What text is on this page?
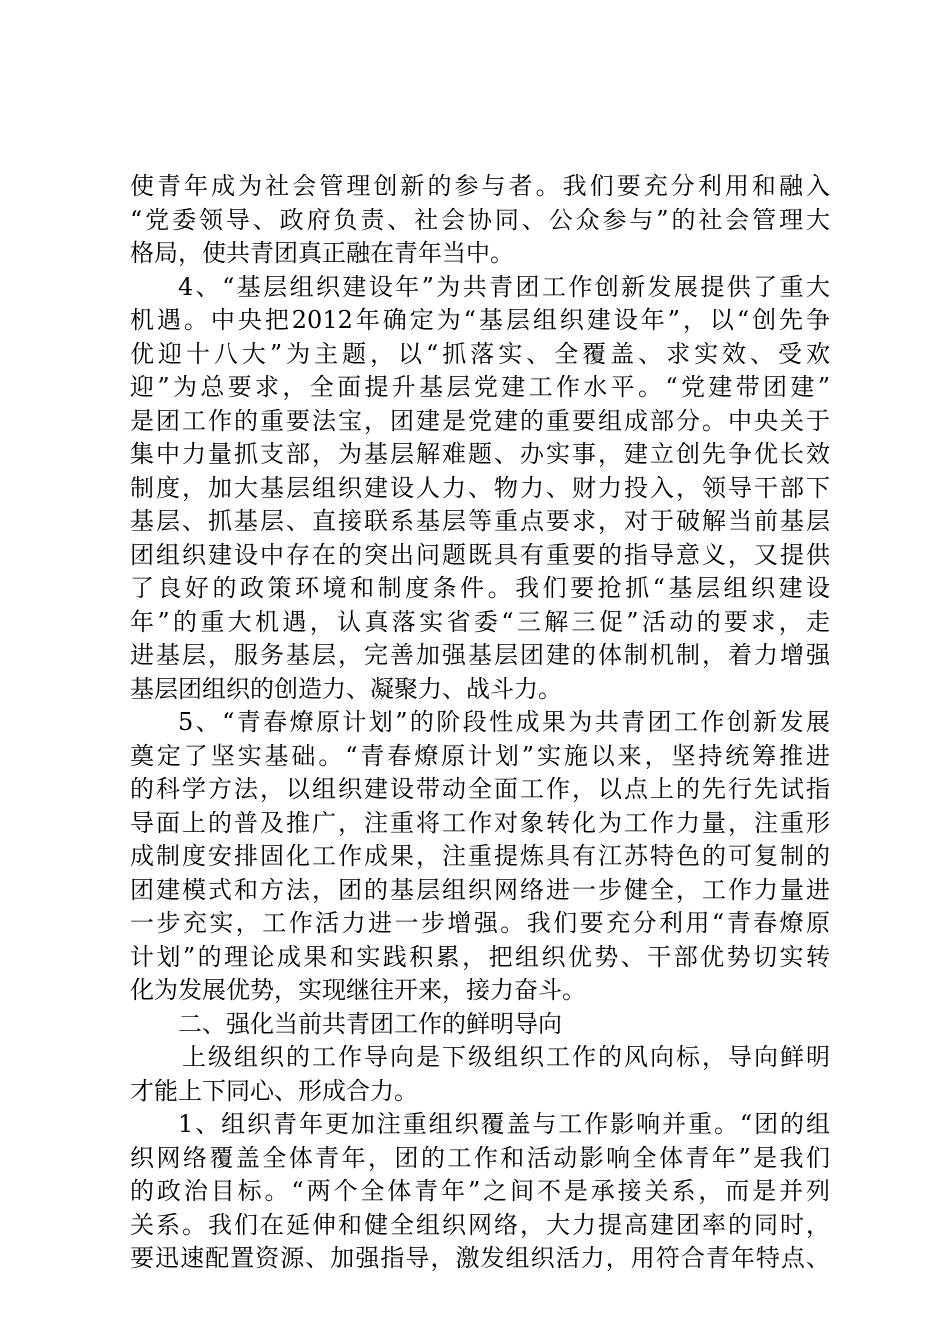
使青年成为社会管理创新的参与者。我们要充分利用和融入
“党委领导、政府负责、社会协同、公众参与”的社会管理大
格局，使共青团真正融在青年当中。
4、“基层组织建设年”为共青团工作创新发展提供了重大
机遇。中央把2012年确定为“基层组织建设年”，以“创先争
优迎十八大”为主题，以“抓落实、全覆盖、求实效、受欢
迎”为总要求，全面提升基层党建工作水平。“党建带团建”
是团工作的重要法宝，团建是党建的重要组成部分。中央关于
集中力量抓支部，为基层解难题、办实事，建立创先争优长效
制度，加大基层组织建设人力、物力、财力投入，领导干部下
基层、抓基层、直接联系基层等重点要求，对于破解当前基层
团组织建设中存在的突出问题既具有重要的指导意义，又提供
了良好的政策环境和制度条件。我们要抢抓“基层组织建设
年”的重大机遇，认真落实省委“三解三促”活动的要求，走
进基层，服务基层，完善加强基层团建的体制机制，着力增强
基层团组织的创造力、凝聚力、战斗力。
5、“青春燎原计划”的阶段性成果为共青团工作创新发展
奠定了坚实基础。“青春燎原计划”实施以来，坚持统筹推进
的科学方法，以组织建设带动全面工作，以点上的先行先试指
导面上的普及推广，注重将工作对象转化为工作力量，注重形
成制度安排固化工作成果，注重提炼具有江苏特色的可复制的
团建模式和方法，团的基层组织网络进一步健全，工作力量进
一步充实，工作活力进一步增强。我们要充分利用“青春燎原
计划”的理论成果和实践积累，把组织优势、干部优势切实转
化为发展优势，实现继往开来，接力奋斗。
二、强化当前共青团工作的鲜明导向
上级组织的工作导向是下级组织工作的风向标，导向鲜明
才能上下同心、形成合力。
1、组织青年更加注重组织覆盖与工作影响并重。“团的组
织网络覆盖全体青年，团的工作和活动影响全体青年”是我们
的政治目标。“两个全体青年”之间不是承接关系，而是并列
关系。我们在延伸和健全组织网络，大力提高建团率的同时，
要迅速配置资源、加强指导，激发组织活力，用符合青年特点、
